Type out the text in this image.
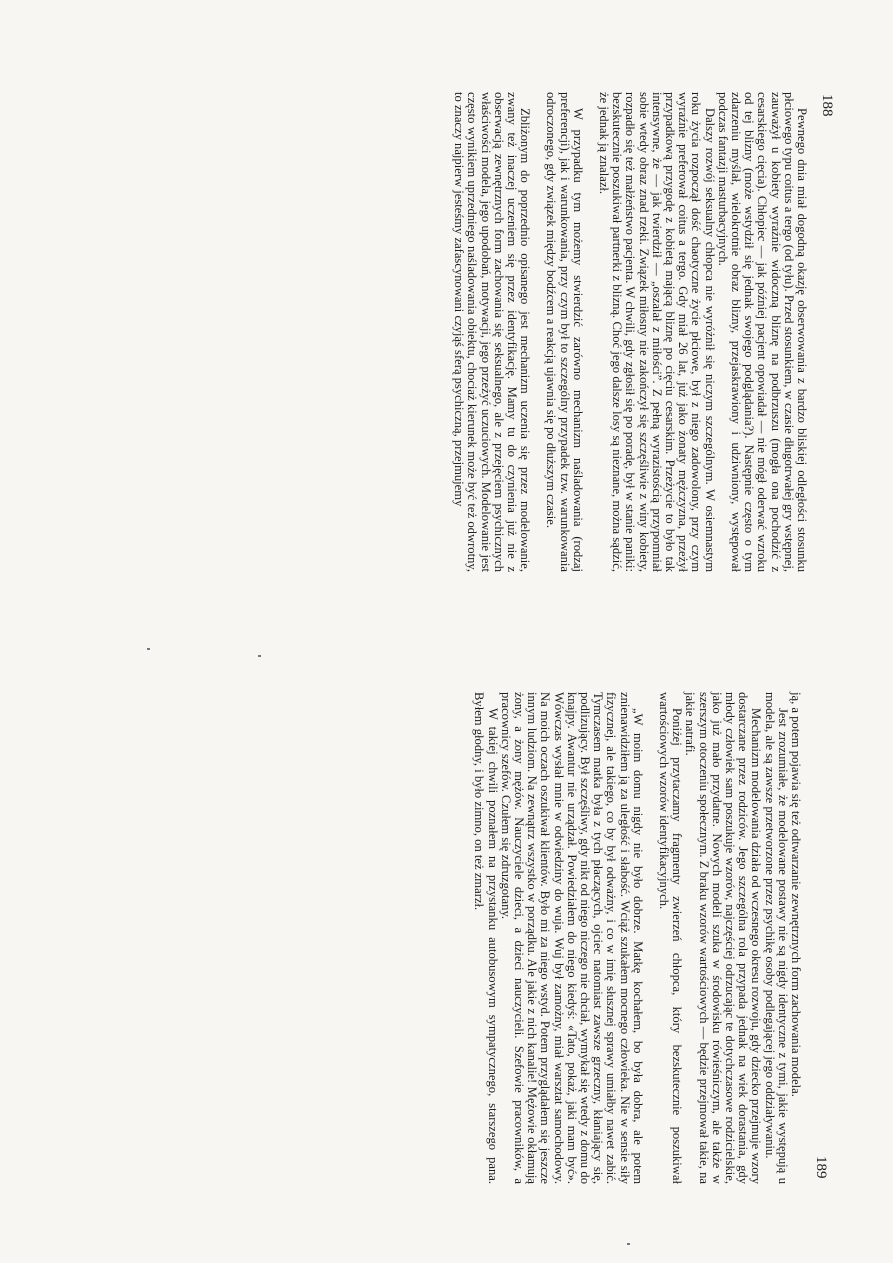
188

Pewnego dnia miał dogodną okazję obserwowania z bardzo bliskiej odległości stosunku płciowego typu coitus a tergo (od tyłu). Przed stosunkiem, w czasie długotrwałej gry wstępnej, zauważył u kobiety wyraźnie widoczną bliznę na podbrzuszu (mogła ona pochodzić z cesarskiego cięcia). Chłopiec — jak później pacjent opowiadał — nie mógł oderwać wzroku od tej blizny (może wstydził się jednak swojego podglądania?). Następnie często o tym zdarzeniu myślał, wielokrotnie obraz blizny, przejaskrawiony i udziwniony, występował podczas fantazji masturbacyjnych.

Dalszy rozwój seksualny chłopca nie wyróżnił się niczym szczególnym. W osiemnastym roku życia rozpoczął dość chaotyczne życie płciowe, był z niego zadowolony, przy czym wyraźnie preferował coitus a tergo. Gdy miał 26 lat, już jako żonaty mężczyzna, przeżył przypadkową przygodę z kobietą mającą bliznę po cięciu cesarskim. Przeżycie to było tak intensywne, że — jak twierdził — „oszalał z miłości”. Z pełną wyrazistością przypomniał sobie wtedy obraz znad rzeki. Związek miłosny nie zakończył się szczęśliwie z winy kobiety, rozpadło się też małżeństwo pacjenta. W chwili, gdy zgłosił się po poradę, był w stanie paniki: bezskutecznie poszukiwał partnerki z blizną. Choć jego dalsze losy są nieznane, można sądzić, że jednak ją znalazł.

W przypadku tym możemy stwierdzić zarówno mechanizm naśladowania (rodzaj preferencji), jak i warunkowania, przy czym był to szczególny przypadek tzw. warunkowania odroczonego, gdy związek między bodźcem a reakcją ujawnia się po dłuższym czasie.

Zbliżonym do poprzednio opisanego jest mechanizm uczenia się przez modelowanie, zwany też inaczej uczeniem się przez identyfikację. Mamy tu do czynienia już nie z obserwacją zewnętrznych form zachowania się seksualnego, ale z przejęciem psychicznych właściwości modela, jego upodobań, motywacji, jego przeżyć uczuciowych. Modelowanie jest często wynikiem uprzedniego naśladowania obiektu, chociaż kierunek może być też odwrotny, to znaczy najpierw jesteśmy zafascynowani czyjąś sferą psychiczną, przejmujemy

189

ją, a potem pojawia się też odtwarzanie zewnętrznych form zachowania modela.

Jest zrozumiałe, że modelowane postawy nie są nigdy identyczne z tymi, jakie występują u modela, ale są zawsze przetworzone przez psychikę osoby podlegającej jego oddziaływaniu.

Mechanizm modelowania działa od wczesnego okresu rozwoju, gdy dziecko przejmuje wzory dostarczane przez rodziców. Jego szczególna rola przypada jednak na wiek dorastania, gdy młody człowiek sam poszukuje wzorów, najczęściej odrzucając te dotychczasowe rodzicielskie, jako już mało przydatne. Nowych modeli szuka w środowisku rówieśniczym, ale także w szerszym otoczeniu społecznym. Z braku wzorów wartościowych — będzie przejmował takie, na jakie natrafi.

Poniżej przytaczamy fragmenty zwierzeń chłopca, który bezskutecznie poszukiwał wartościowych wzorów identyfikacyjnych.

„W moim domu nigdy nie było dobrze. Matkę kochałem, bo była dobra, ale potem znienawidziłem ją za uległość i słabość. Wciąż szukałem mocnego człowieka. Nie w sensie siły fizycznej, ale takiego, co by był odważny, i co w imię słusznej sprawy umiałby nawet zabić. Tymczasem matka była z tych płaczących, ojciec natomiast zawsze grzeczny, kłaniający się, podlizujący. Był szczęśliwy, gdy nikt od niego niczego nie chciał, wymykał się wtedy z domu do knajpy. Awantur nie urządzał. Powiedziałem do niego kiedyś: «Tato, pokaż, jaki mam być». Wówczas wysłał mnie w odwiedziny do wuja. Wuj był zamożny, miał warsztat samochodowy. Na moich oczach oszukiwał klientów. Było mi za niego wstyd. Potem przyglądałem się jeszcze innym ludziom. Na zewnątrz wszystko w porządku. Ale jakie z nich kanalie! Mężowie okłamują żony, a żony mężów. Nauczyciele dzieci, a dzieci nauczycieli. Szefowie pracowników, a pracownicy szefów. Czułem się zdruzgotany.

W takiej chwili poznałem na przystanku autobusowym sympatycznego, starszego pana. Byłem głodny, i było zimno, on też zmarzł.
